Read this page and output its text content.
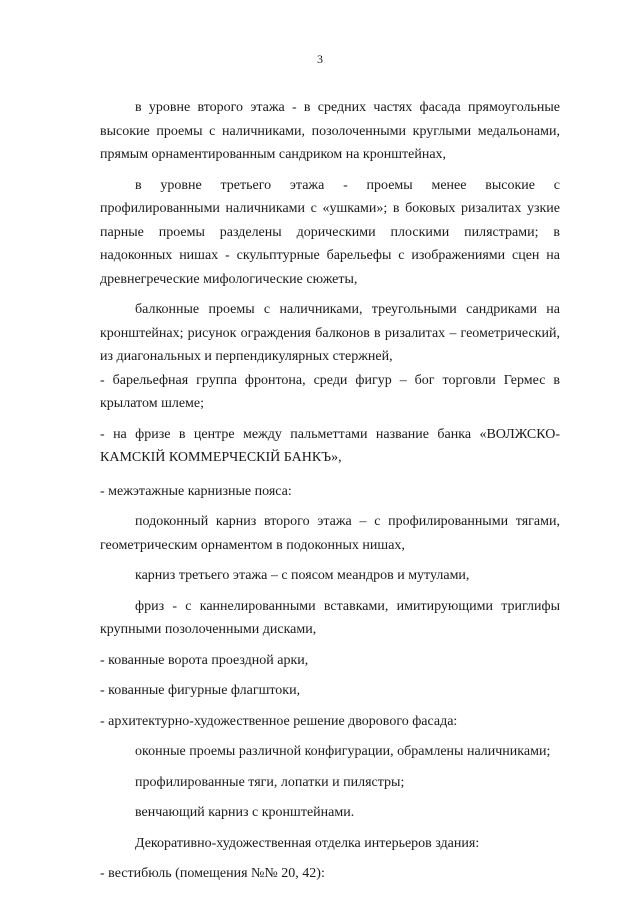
3

в уровне второго этажа - в средних частях фасада прямоугольные высокие проемы с наличниками, позолоченными круглыми медальонами, прямым орнаментированным сандриком на кронштейнах,

в уровне третьего этажа - проемы менее высокие с профилированными наличниками с «ушками»; в боковых ризалитах узкие парные проемы разделены дорическими плоскими пилястрами; в надоконных нишах - скульптурные барельефы с изображениями сцен на древнегреческие мифологические сюжеты,

балконные проемы с наличниками, треугольными сандриками на кронштейнах; рисунок ограждения балконов в ризалитах – геометрический, из диагональных и перпендикулярных стержней,

- барельефная группа фронтона, среди фигур – бог торговли Гермес в крылатом шлеме;

- на фризе в центре между пальметтами название банка «ВОЛЖСКО-КАМСКIЙ КОММЕРЧЕСКIЙ БАНКЪ»,

- межэтажные карнизные пояса:

подоконный карниз второго этажа – с профилированными тягами, геометрическим орнаментом в подоконных нишах,

карниз третьего этажа – с поясом меандров и мутулами,

фриз - с каннелированными вставками, имитирующими триглифы крупными позолоченными дисками,

- кованные ворота проездной арки,

- кованные фигурные флагштоки,

- архитектурно-художественное решение дворового фасада:

оконные проемы различной конфигурации, обрамлены наличниками;

профилированные тяги, лопатки и пилястры;

венчающий карниз с кронштейнами.

Декоративно-художественная отделка интерьеров здания:

- вестибюль (помещения №№ 20, 42):
